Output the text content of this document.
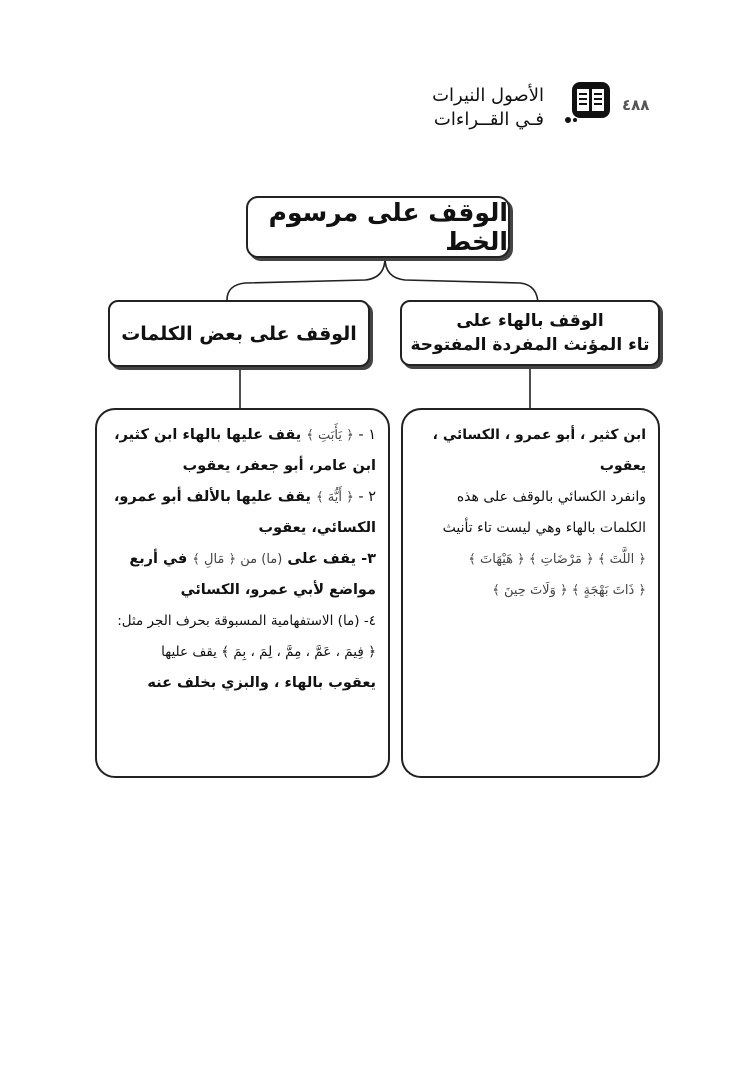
الأصول النيرات
فـي القــراءات
٤٨٨
الوقف على مرسوم الخط
الوقف على بعض الكلمات
الوقف بالهاء على
تاء المؤنث المفردة المفتوحة

١ - ﴿ يَأَبَتِ ﴾ يقف عليها بالهاء ابن كثير،

ابن عامر، أبو جعفر، يعقوب

٢ - ﴿ أَيُّهَ ﴾ يقف عليها بالألف أبو عمرو،

الكسائي، يعقوب

٣- يقف على (ما) من ﴿ مَالِ ﴾ في أربع

مواضع لأبي عمرو، الكسائي

٤- (ما) الاستفهامية المسبوقة بحرف الجر مثل:

﴿ فِيمَ ، عَمَّ ، مِمَّ ، لِمَ ، بِمَ ﴾ يقف عليها

يعقوب بالهاء ، والبزي بخلف عنه

ابن كثير ، أبو عمرو ، الكسائي ،

يعقوب

وانفرد الكسائي بالوقف على هذه

الكلمات بالهاء وهي ليست تاء تأنيث

﴿ اللَّتَ ﴾ ﴿ مَرْضَاتِ ﴾ ﴿ هَيْهَاتَ ﴾

﴿ ذَاتَ بَهْجَةٍ ﴾ ﴿ وَلَاتَ حِينَ ﴾
